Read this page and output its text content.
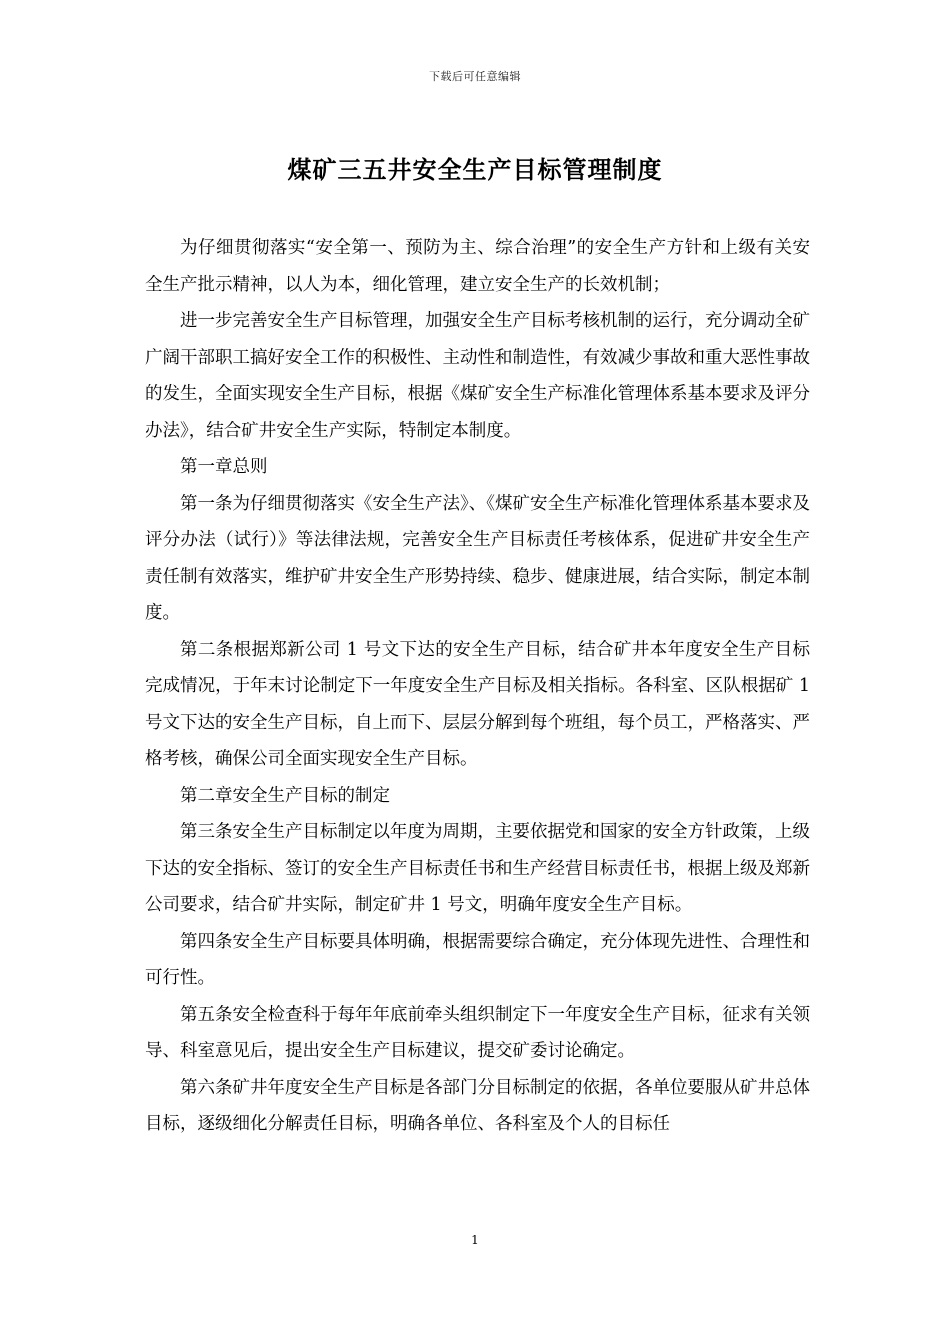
下载后可任意编辑
煤矿三五井安全生产目标管理制度

为仔细贯彻落实“安全第一、预防为主、综合治理”的安全生产方针和上级有关安全生产批示精神，以人为本，细化管理，建立安全生产的长效机制；

进一步完善安全生产目标管理，加强安全生产目标考核机制的运行，充分调动全矿广阔干部职工搞好安全工作的积极性、主动性和制造性，有效减少事故和重大恶性事故的发生，全面实现安全生产目标，根据《煤矿安全生产标准化管理体系基本要求及评分办法》，结合矿井安全生产实际，特制定本制度。

第一章总则

第一条为仔细贯彻落实《安全生产法》、《煤矿安全生产标准化管理体系基本要求及评分办法（试行）》等法律法规，完善安全生产目标责任考核体系，促进矿井安全生产责任制有效落实，维护矿井安全生产形势持续、稳步、健康进展，结合实际，制定本制度。

第二条根据郑新公司 1 号文下达的安全生产目标，结合矿井本年度安全生产目标完成情况，于年末讨论制定下一年度安全生产目标及相关指标。各科室、区队根据矿 1 号文下达的安全生产目标，自上而下、层层分解到每个班组，每个员工，严格落实、严格考核，确保公司全面实现安全生产目标。

第二章安全生产目标的制定

第三条安全生产目标制定以年度为周期，主要依据党和国家的安全方针政策，上级下达的安全指标、签订的安全生产目标责任书和生产经营目标责任书，根据上级及郑新公司要求，结合矿井实际，制定矿井 1 号文，明确年度安全生产目标。

第四条安全生产目标要具体明确，根据需要综合确定，充分体现先进性、合理性和可行性。

第五条安全检查科于每年年底前牵头组织制定下一年度安全生产目标，征求有关领导、科室意见后，提出安全生产目标建议，提交矿委讨论确定。

第六条矿井年度安全生产目标是各部门分目标制定的依据，各单位要服从矿井总体目标，逐级细化分解责任目标，明确各单位、各科室及个人的目标任

1
